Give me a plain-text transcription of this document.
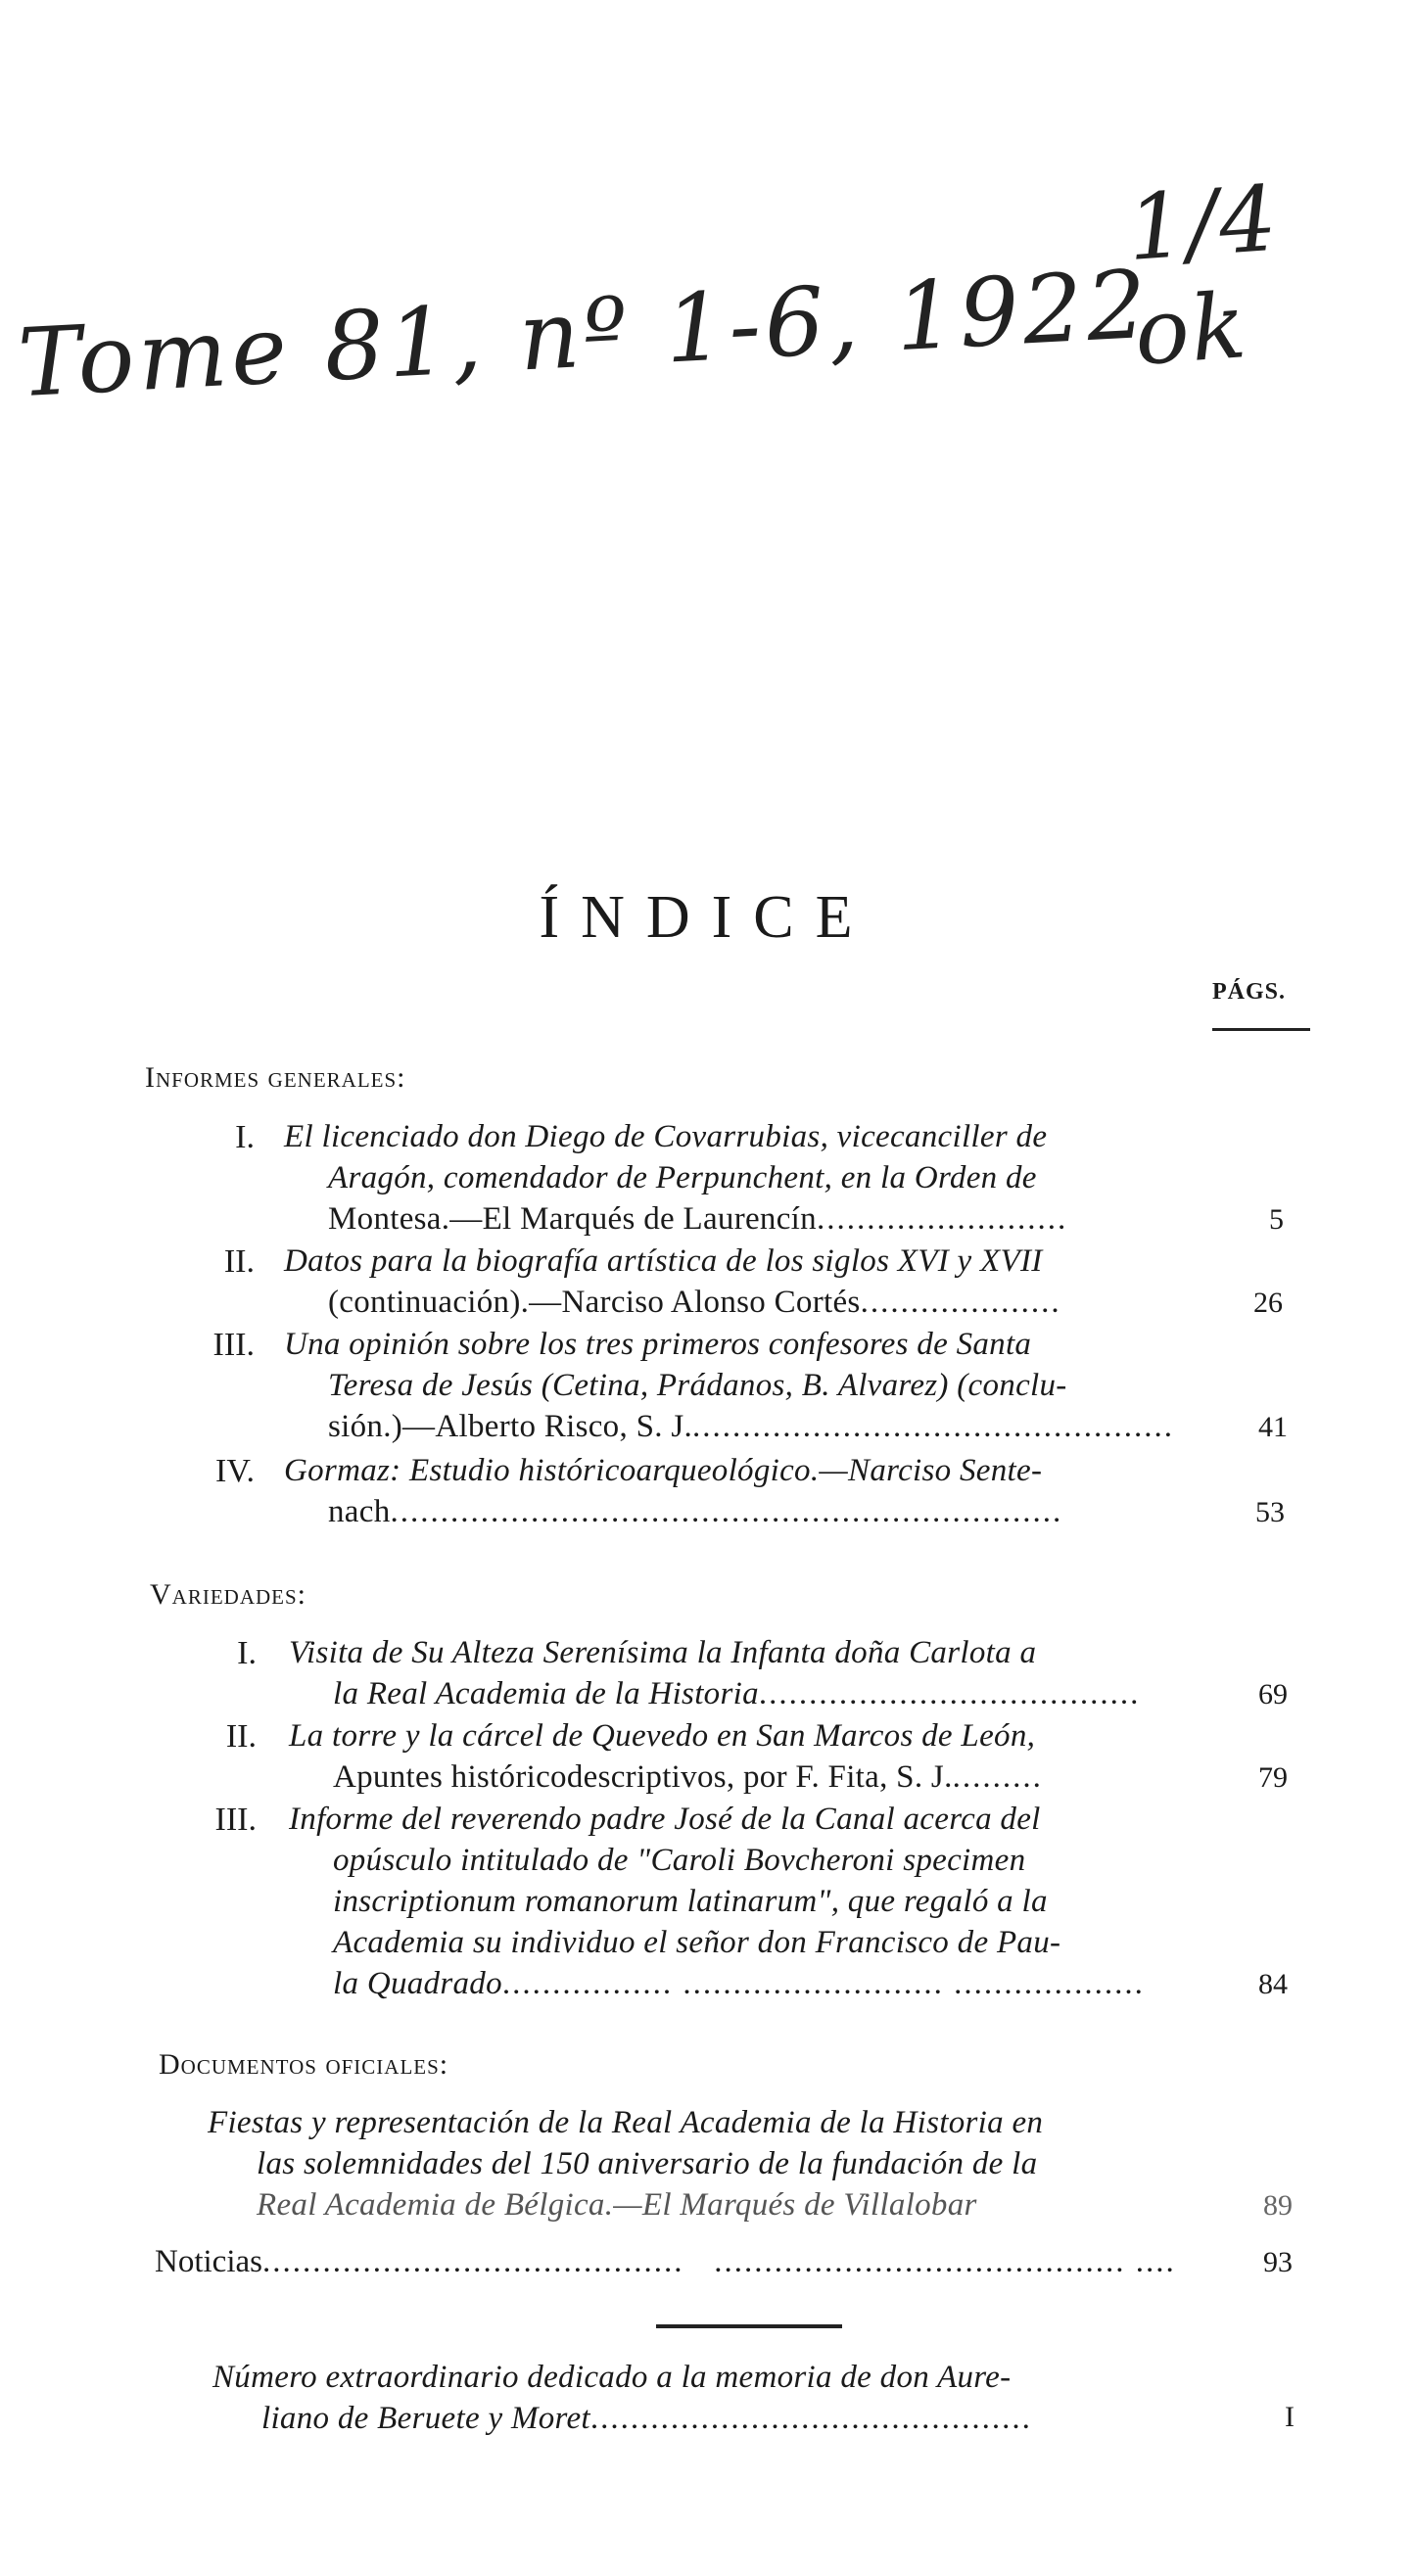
1/4 ok
Tome 81, nº 1-6, 1922
ÍNDICE
PÁGS.
Informes generales:
I. El licenciado don Diego de Covarrubias, vicecanciller de
Aragón, comendador de Perpunchent, en la Orden de
Montesa.—El Marqués de Laurencín.........................	5
II. Datos para la biografía artística de los siglos XVI y XVII
(continuación).—Narciso Alonso Cortés....................	26
III. Una opinión sobre los tres primeros confesores de Santa
Teresa de Jesús (Cetina, Prádanos, B. Alvarez) (conclu-
sión.)—Alberto Risco, S. J.................................................	41
IV. Gormaz: Estudio históricoarqueológico.—Narciso Sente-
nach...................................................................	53
Variedades:
I. Visita de Su Alteza Serenísima la Infanta doña Carlota a
la Real Academia de la Historia......................................	69
II. La torre y la cárcel de Quevedo en San Marcos de León,
Apuntes históricodescriptivos, por F. Fita, S. J..........	79
III. Informe del reverendo padre José de la Canal acerca del
opúsculo intitulado de "Caroli Bovcheroni specimen
inscriptionum romanorum latinarum", que regaló a la
Academia su individuo el señor don Francisco de Pau-
la Quadrado................. .......................... ...................	84
Documentos oficiales:
Fiestas y representación de la Real Academia de la Historia en
las solemnidades del 150 aniversario de la fundación de la
Real Academia de Bélgica.—El Marqués de Villalobar	89
Noticias..........................................   ......................................... ....	93
Número extraordinario dedicado a la memoria de don Aure-
liano de Beruete y Moret............................................	I
